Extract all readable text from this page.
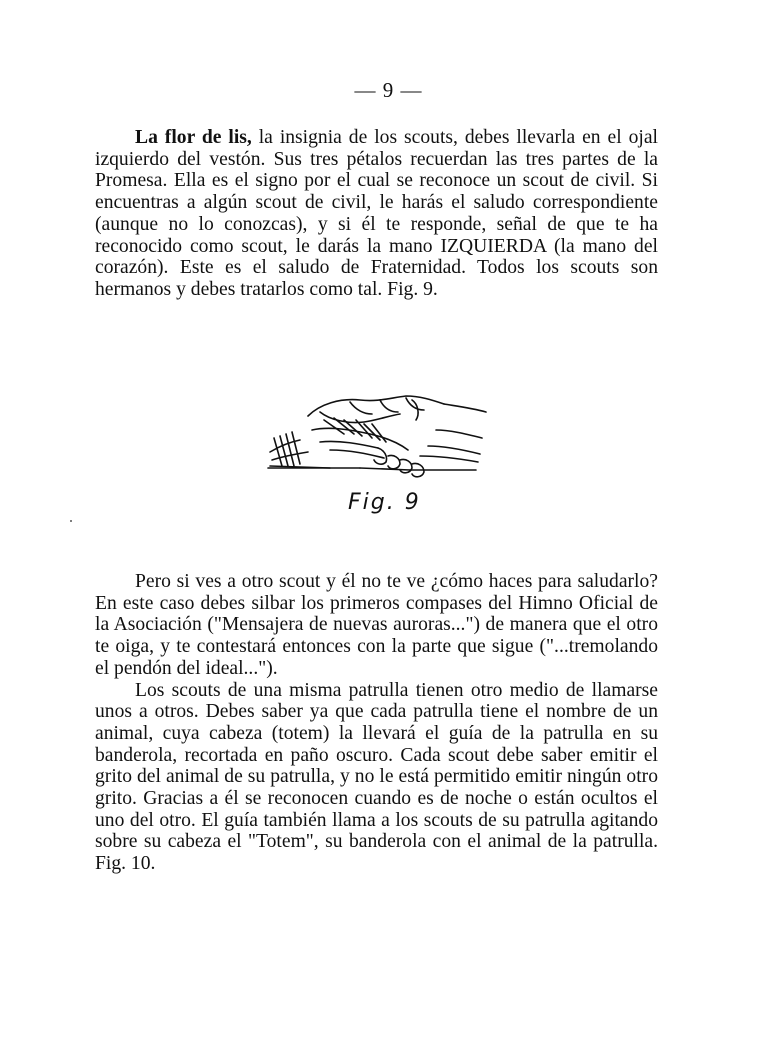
— 9 —

La flor de lis, la insignia de los scouts, debes llevarla en el ojal izquierdo del vestón. Sus tres pétalos recuerdan las tres partes de la Promesa. Ella es el signo por el cual se reconoce un scout de civil. Si encuentras a algún scout de civil, le harás el saludo correspondiente (aunque no lo conozcas), y si él te responde, señal de que te ha reconocido como scout, le darás la mano IZQUIERDA (la mano del corazón). Este es el saludo de Fraternidad. Todos los scouts son hermanos y debes tratarlos como tal. Fig. 9.

Fig. 9

Pero si ves a otro scout y él no te ve ¿cómo haces para saludarlo? En este caso debes silbar los primeros compases del Himno Oficial de la Asociación ("Mensajera de nuevas auroras...") de manera que el otro te oiga, y te contestará entonces con la parte que sigue ("...tremolando el pendón del ideal...").

Los scouts de una misma patrulla tienen otro medio de llamarse unos a otros. Debes saber ya que cada patrulla tiene el nombre de un animal, cuya cabeza (totem) la llevará el guía de la patrulla en su banderola, recortada en paño oscuro. Cada scout debe saber emitir el grito del animal de su patrulla, y no le está permitido emitir ningún otro grito. Gracias a él se reconocen cuando es de noche o están ocultos el uno del otro. El guía también llama a los scouts de su patrulla agitando sobre su cabeza el "Totem", su banderola con el animal de la patrulla. Fig. 10.
